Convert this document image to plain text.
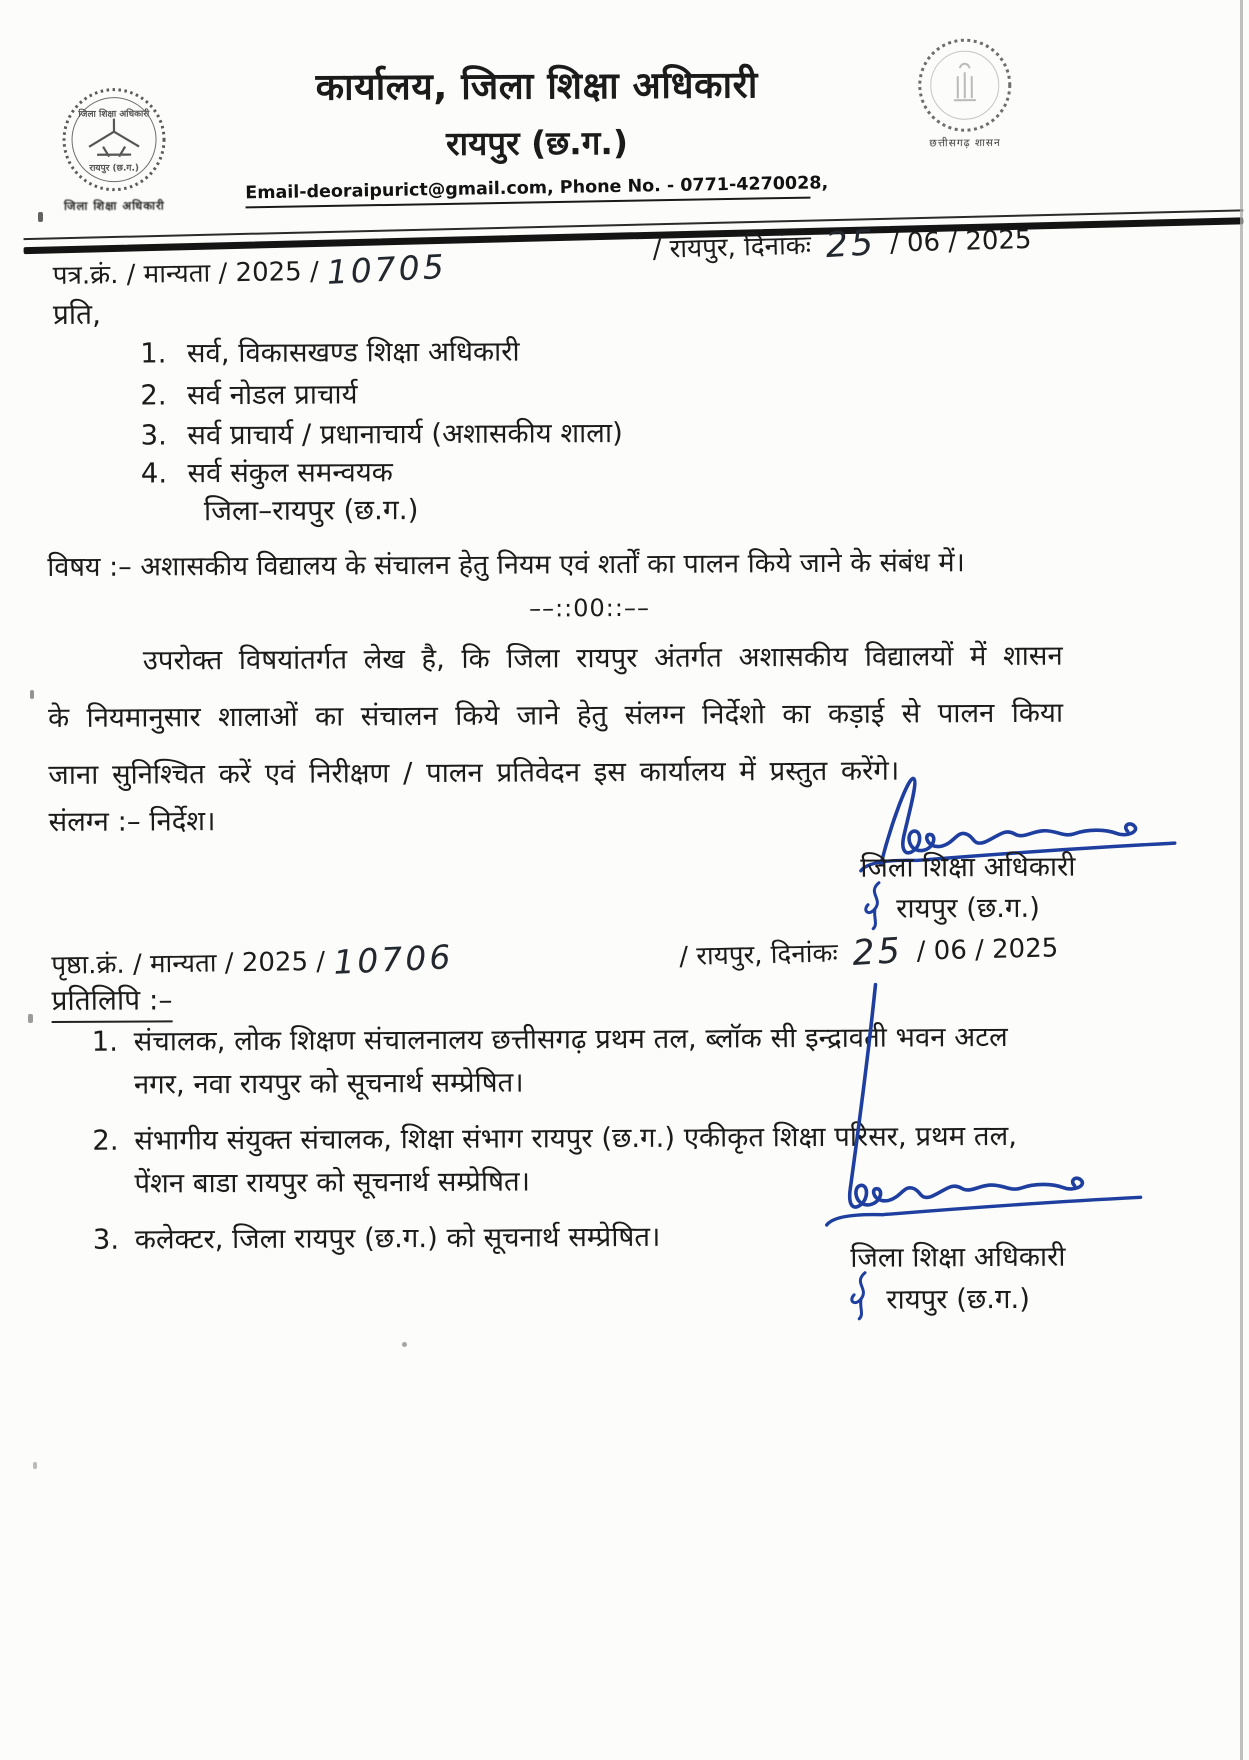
जिला शिक्षा अधिकारी
रायपुर (छ.ग.)
जिला शिक्षा अधिकारी
कार्यालय, जिला शिक्षा अधिकारी
रायपुर (छ.ग.)	छत्तीसगढ़ शासन
Email-deoraipurict@gmail.com, Phone No. - 0771-4270028,
पत्र.क्रं. / मान्यता / 2025 / 10705	/ रायपुर, दिनांकः 25 / 06 / 2025
प्रति,
1. सर्व, विकासखण्ड शिक्षा अधिकारी
2. सर्व नोडल प्राचार्य
3. सर्व प्राचार्य / प्रधानाचार्य (अशासकीय शाला)
4. सर्व संकुल समन्वयक
जिला–रायपुर (छ.ग.)
विषय :– अशासकीय विद्यालय के संचालन हेतु नियम एवं शर्तों का पालन किये जाने के संबंध में।
––::00::––
उपरोक्त विषयांतर्गत लेख है, कि जिला रायपुर अंतर्गत अशासकीय विद्यालयों में शासन के नियमानुसार शालाओं का संचालन किये जाने हेतु संलग्न निर्देशो का कड़ाई से पालन किया जाना सुनिश्चित करें एवं निरीक्षण / पालन प्रतिवेदन इस कार्यालय में प्रस्तुत करेंगे।
संलग्न :– निर्देश।
जिला शिक्षा अधिकारी
रायपुर (छ.ग.)
पृष्ठा.क्रं. / मान्यता / 2025 / 10706	/ रायपुर, दिनांकः 25 / 06 / 2025
प्रतिलिपि :–
1. संचालक, लोक शिक्षण संचालनालय छत्तीसगढ़ प्रथम तल, ब्लॉक सी इन्द्रावती भवन अटल नगर, नवा रायपुर को सूचनार्थ सम्प्रेषित।
2. संभागीय संयुक्त संचालक, शिक्षा संभाग रायपुर (छ.ग.) एकीकृत शिक्षा परिसर, प्रथम तल, पेंशन बाडा रायपुर को सूचनार्थ सम्प्रेषित।
3. कलेक्टर, जिला रायपुर (छ.ग.) को सूचनार्थ सम्प्रेषित।
जिला शिक्षा अधिकारी
रायपुर (छ.ग.)
